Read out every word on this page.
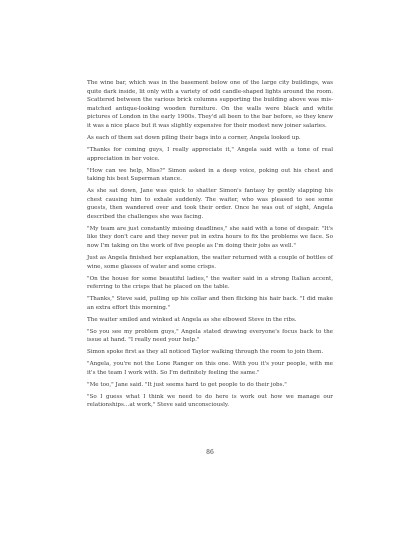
The wine bar, which was in the basement below one of the large city buildings, was quite dark inside, lit only with a variety of odd candle-shaped lights around the room. Scattered between the various brick columns supporting the building above was mis-matched antique-looking wooden furniture. On the walls were black and white pictures of London in the early 1900s. They'd all been to the bar before, so they knew it was a nice place but it was slightly expensive for their modest new joiner salaries.

As each of them sat down piling their bags into a corner, Angela looked up.

"Thanks for coming guys, I really appreciate it," Angela said with a tone of real appreciation in her voice.

"How can we help, Miss?" Simon asked in a deep voice, poking out his chest and taking his best Superman stance.

As she sat down, Jane was quick to shatter Simon's fantasy by gently slapping his chest causing him to exhale suddenly. The waiter, who was pleased to see some guests, then wandered over and took their order. Once he was out of sight, Angela described the challenges she was facing.

"My team are just constantly missing deadlines," she said with a tone of despair. "It's like they don't care and they never put in extra hours to fix the problems we face. So now I'm taking on the work of five people as I'm doing their jobs as well."

Just as Angela finished her explanation, the waiter returned with a couple of bottles of wine, some glasses of water and some crisps.

"On the house for some beautiful ladies," the waiter said in a strong Italian accent, referring to the crisps that he placed on the table.

"Thanks," Steve said, pulling up his collar and then flicking his hair back. "I did make an extra effort this morning."

The waiter smiled and winked at Angela as she elbowed Steve in the ribs.

"So you see my problem guys," Angela stated drawing everyone's focus back to the issue at hand. "I really need your help."

Simon spoke first as they all noticed Taylor walking through the room to join them.

"Angela, you're not the Lone Ranger on this one. With you it's your people, with me it's the team I work with. So I'm definitely feeling the same."

"Me too," Jane said. "It just seems hard to get people to do their jobs."

"So I guess what I think we need to do here is work out how we manage our relationships…at work," Steve said unconsciously.

86
